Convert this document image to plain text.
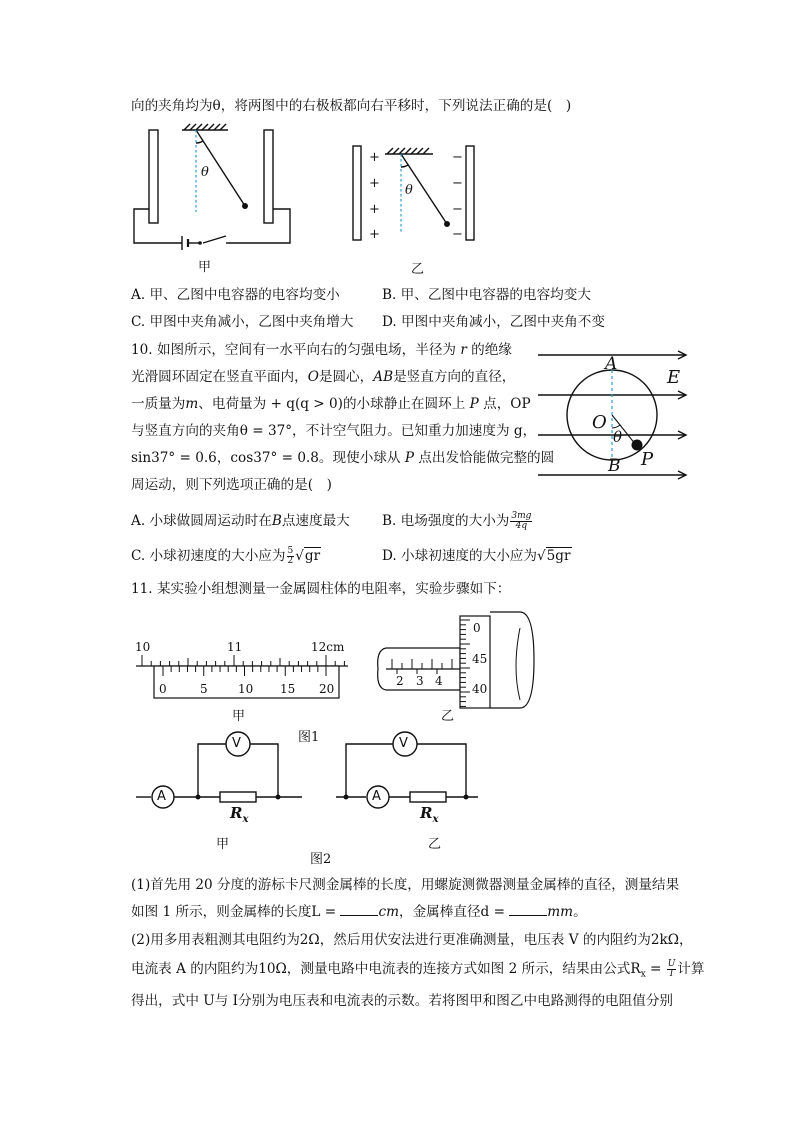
向的夹角均为θ，将两图中的右极板都向右平移时，下列说法正确的是(　)
θ
甲
+
+
+
+
−
−
−
−
θ
乙
A. 甲、乙图中电容器的电容均变小	B. 甲、乙图中电容器的电容均变大
C. 甲图中夹角减小，乙图中夹角增大 D. 甲图中夹角减小，乙图中夹角不变
10. 如图所示，空间有一水平向右的匀强电场，半径为 r 的绝缘
光滑圆环固定在竖直平面内，O是圆心，AB是竖直方向的直径，
一质量为m、电荷量为 + q(q > 0)的小球静止在圆环上 P 点，OP
与竖直方向的夹角θ = 37°，不计空气阻力。已知重力加速度为 g，
sin37° = 0.6，cos37° = 0.8。现使小球从 P 点出发恰能做完整的圆
周运动，则下列选项正确的是(　)
A
E
O
θ
B P
A. 小球做圆周运动时在B点速度最大 B. 电场强度的大小为 $\frac{3mg}{4q}$
C. 小球初速度的大小应为 $\frac{5}{2} √gr$	D. 小球初速度的大小应为√5gr
11. 某实验小组想测量一金属圆柱体的电阻率，实验步骤如下：
10	11	12cm
0	5	10 15 20
甲
2 3 4
0
45
40
乙
图1
V
A
$R_x$
甲
V
A
$R_x$
乙
图2
(1)首先用 20 分度的游标卡尺测金属棒的长度，用螺旋测微器测量金属棒的直径，测量结果
如图 1 所示，则金属棒的长度L =	cm，金属棒直径d =	mm。
(2)用多用表粗测其电阻约为2Ω，然后用伏安法进行更准确测量，电压表 V 的内阻约为2kΩ，
电流表 A 的内阻约为10Ω，测量电路中电流表的连接方式如图 2 所示，结果由公式$R_x = \frac{U}{I}$ 计算
得出，式中 U与 I分别为电压表和电流表的示数。若将图甲和图乙中电路测得的电阻值分别
